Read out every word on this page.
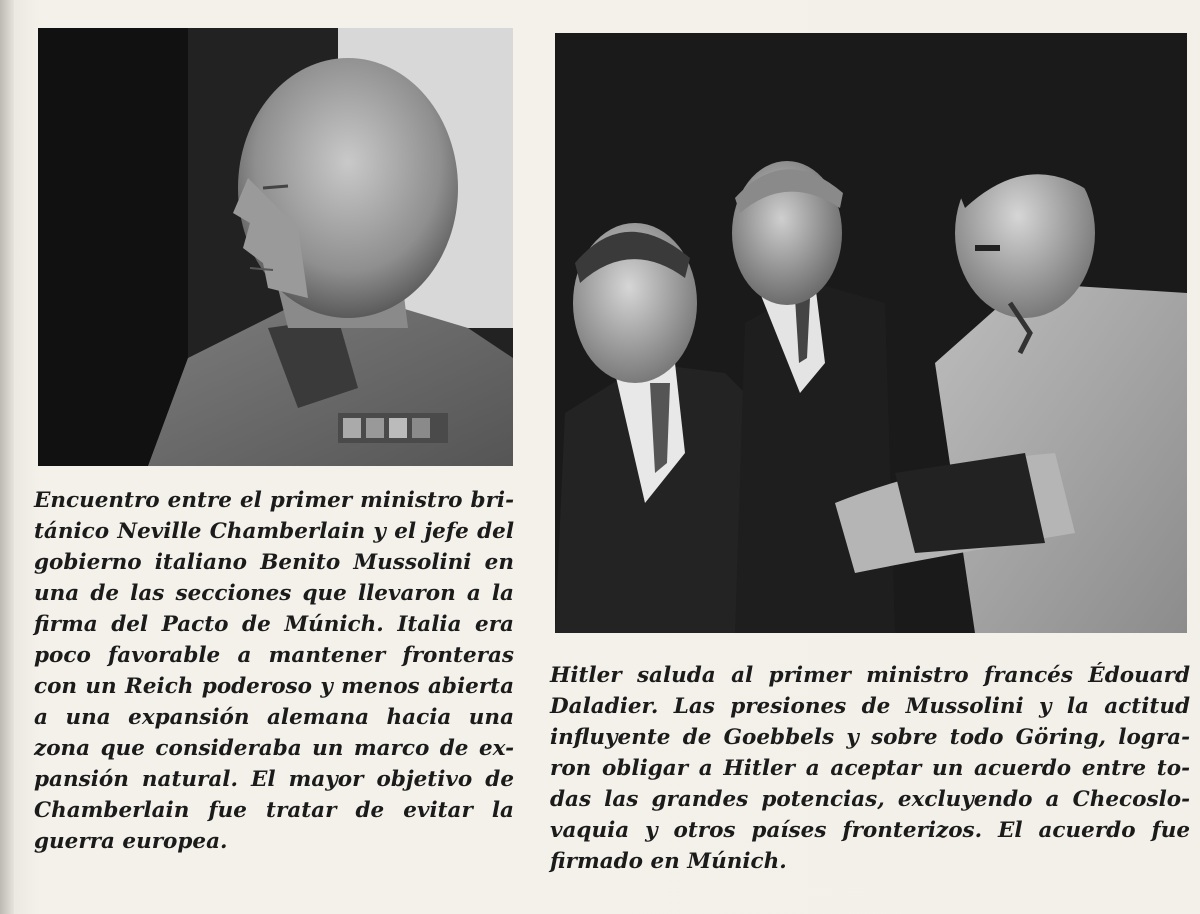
Encuentro entre el primer ministro bri-
tánico Neville Chamberlain y el jefe del
gobierno italiano Benito Mussolini en
una de las secciones que llevaron a la
firma del Pacto de Múnich. Italia era
poco favorable a mantener fronteras
con un Reich poderoso y menos abierta
a una expansión alemana hacia una
zona que consideraba un marco de ex-
pansión natural. El mayor objetivo de
Chamberlain fue tratar de evitar la
guerra europea.
Hitler saluda al primer ministro francés Édouard
Daladier. Las presiones de Mussolini y la actitud
influyente de Goebbels y sobre todo Göring, logra-
ron obligar a Hitler a aceptar un acuerdo entre to-
das las grandes potencias, excluyendo a Checoslo-
vaquia y otros países fronterizos. El acuerdo fue
firmado en Múnich.
